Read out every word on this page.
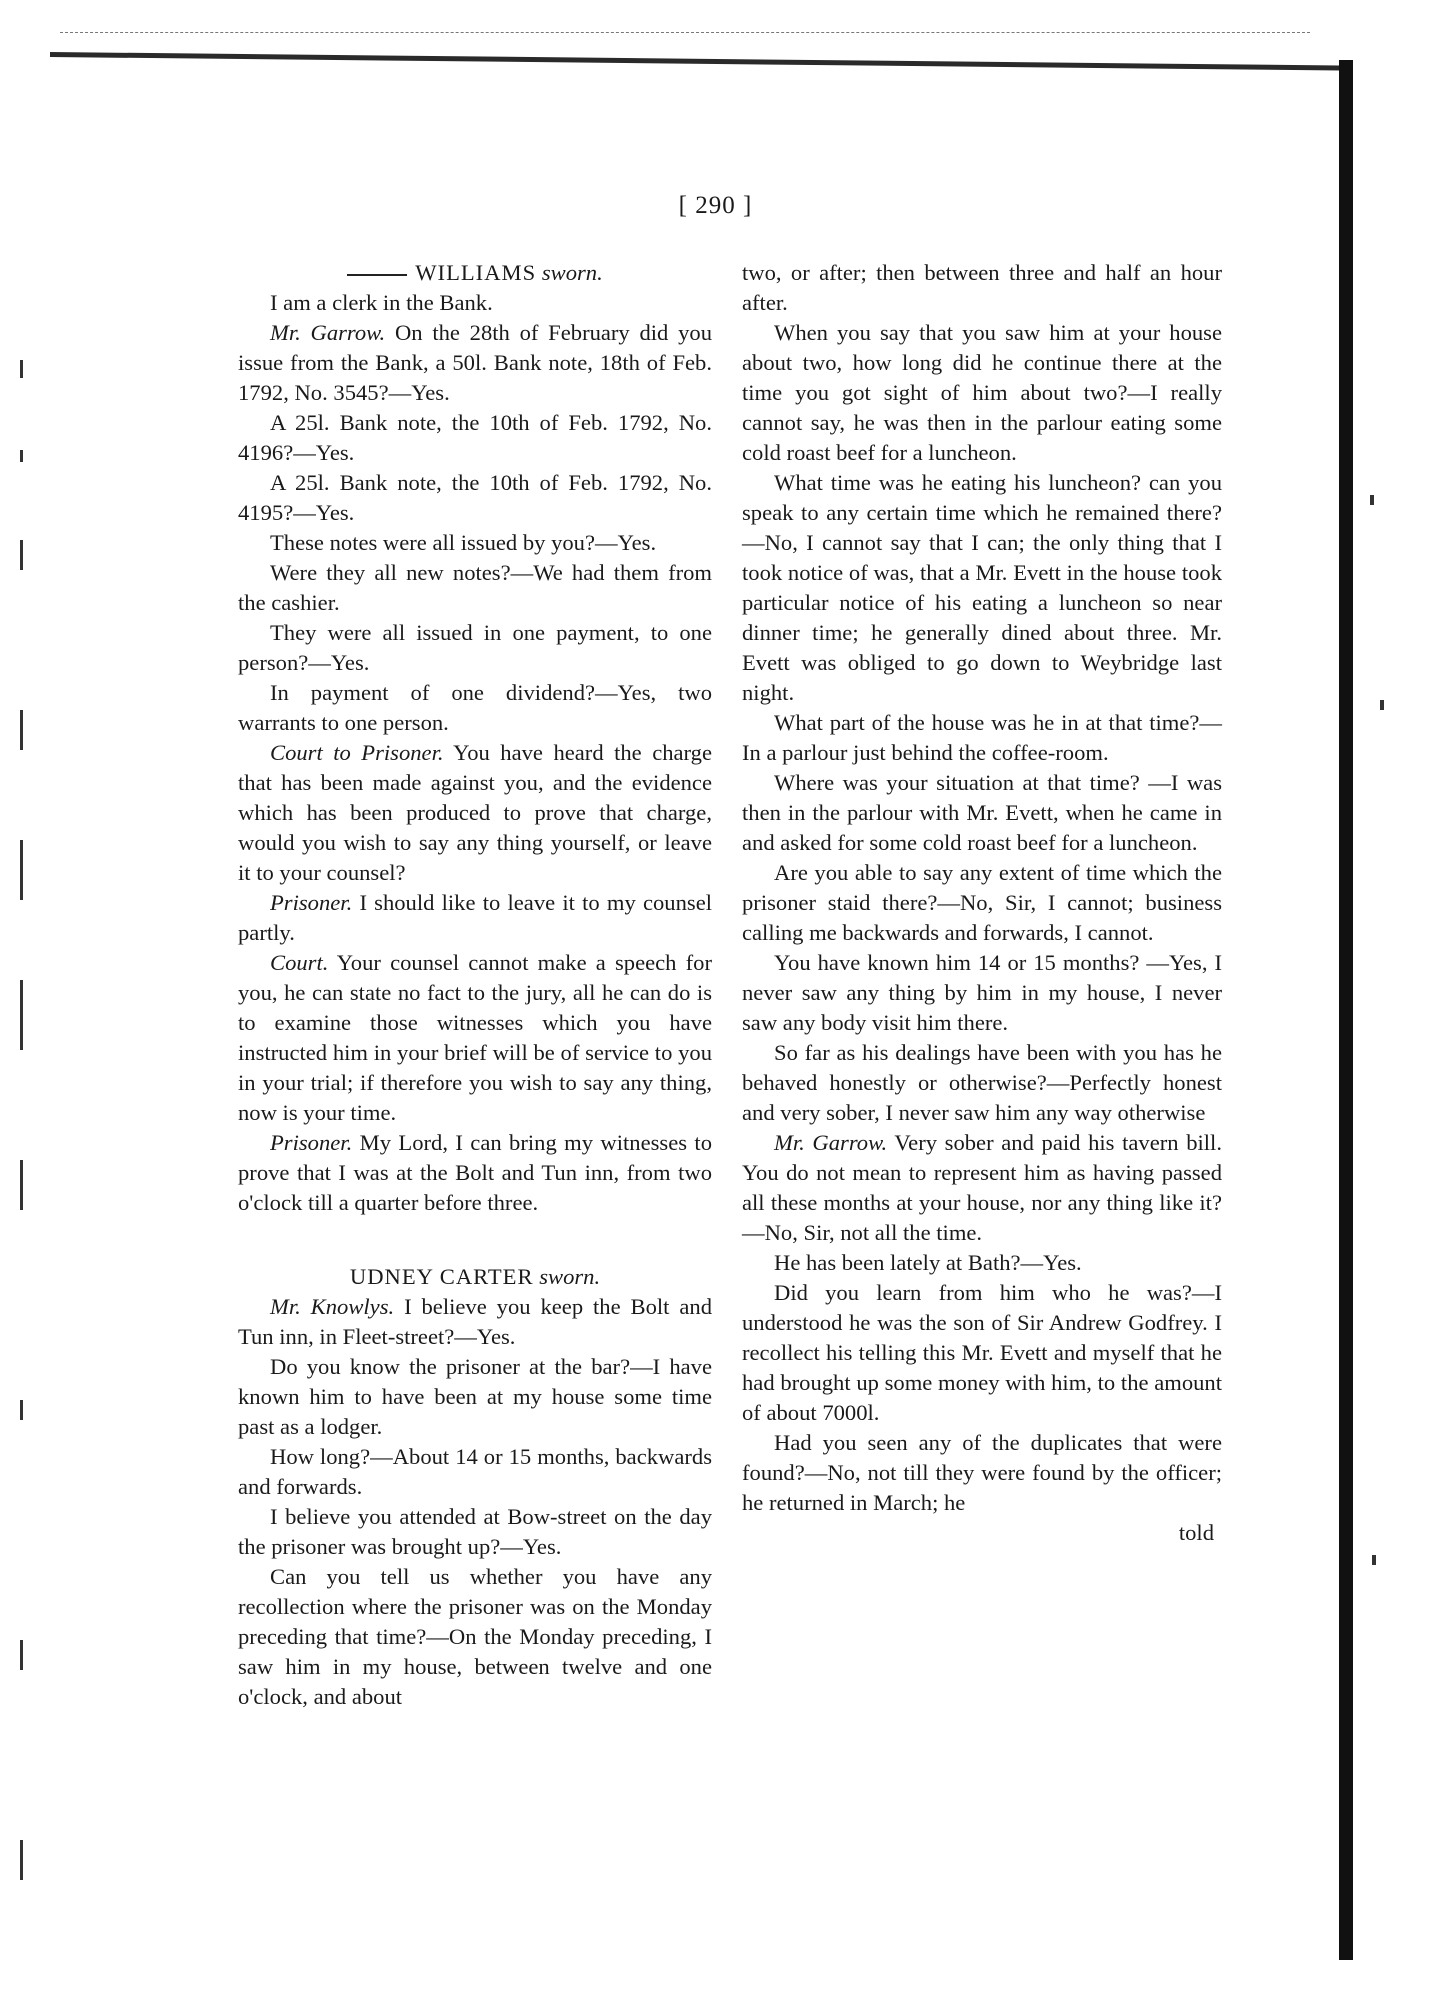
[ 290 ]

WILLIAMS sworn.

I am a clerk in the Bank.

Mr. Garrow. On the 28th of February did you issue from the Bank, a 50l. Bank note, 18th of Feb. 1792, No. 3545?—Yes.

A 25l. Bank note, the 10th of Feb. 1792, No. 4196?—Yes.

A 25l. Bank note, the 10th of Feb. 1792, No. 4195?—Yes.

These notes were all issued by you?—Yes.

Were they all new notes?—We had them from the cashier.

They were all issued in one payment, to one person?—Yes.

In payment of one dividend?—Yes, two warrants to one person.

Court to Prisoner. You have heard the charge that has been made against you, and the evidence which has been produced to prove that charge, would you wish to say any thing yourself, or leave it to your counsel?

Prisoner. I should like to leave it to my counsel partly.

Court. Your counsel cannot make a speech for you, he can state no fact to the jury, all he can do is to examine those witnesses which you have instructed him in your brief will be of service to you in your trial; if therefore you wish to say any thing, now is your time.

Prisoner. My Lord, I can bring my witnesses to prove that I was at the Bolt and Tun inn, from two o'clock till a quarter before three.

UDNEY CARTER sworn.

Mr. Knowlys. I believe you keep the Bolt and Tun inn, in Fleet-street?—Yes.

Do you know the prisoner at the bar?—I have known him to have been at my house some time past as a lodger.

How long?—About 14 or 15 months, backwards and forwards.

I believe you attended at Bow-street on the day the prisoner was brought up?—Yes.

Can you tell us whether you have any recollection where the prisoner was on the Monday preceding that time?—On the Monday preceding, I saw him in my house, between twelve and one o'clock, and about

two, or after; then between three and half an hour after.

When you say that you saw him at your house about two, how long did he continue there at the time you got sight of him about two?—I really cannot say, he was then in the parlour eating some cold roast beef for a luncheon.

What time was he eating his luncheon? can you speak to any certain time which he remained there?—No, I cannot say that I can; the only thing that I took notice of was, that a Mr. Evett in the house took particular notice of his eating a luncheon so near dinner time; he generally dined about three. Mr. Evett was obliged to go down to Weybridge last night.

What part of the house was he in at that time?—In a parlour just behind the coffee-room.

Where was your situation at that time? —I was then in the parlour with Mr. Evett, when he came in and asked for some cold roast beef for a luncheon.

Are you able to say any extent of time which the prisoner staid there?—No, Sir, I cannot; business calling me backwards and forwards, I cannot.

You have known him 14 or 15 months? —Yes, I never saw any thing by him in my house, I never saw any body visit him there.

So far as his dealings have been with you has he behaved honestly or otherwise?—Perfectly honest and very sober, I never saw him any way otherwise

Mr. Garrow. Very sober and paid his tavern bill. You do not mean to represent him as having passed all these months at your house, nor any thing like it?—No, Sir, not all the time.

He has been lately at Bath?—Yes.

Did you learn from him who he was?—I understood he was the son of Sir Andrew Godfrey. I recollect his telling this Mr. Evett and myself that he had brought up some money with him, to the amount of about 7000l.

Had you seen any of the duplicates that were found?—No, not till they were found by the officer; he returned in March; he

told
